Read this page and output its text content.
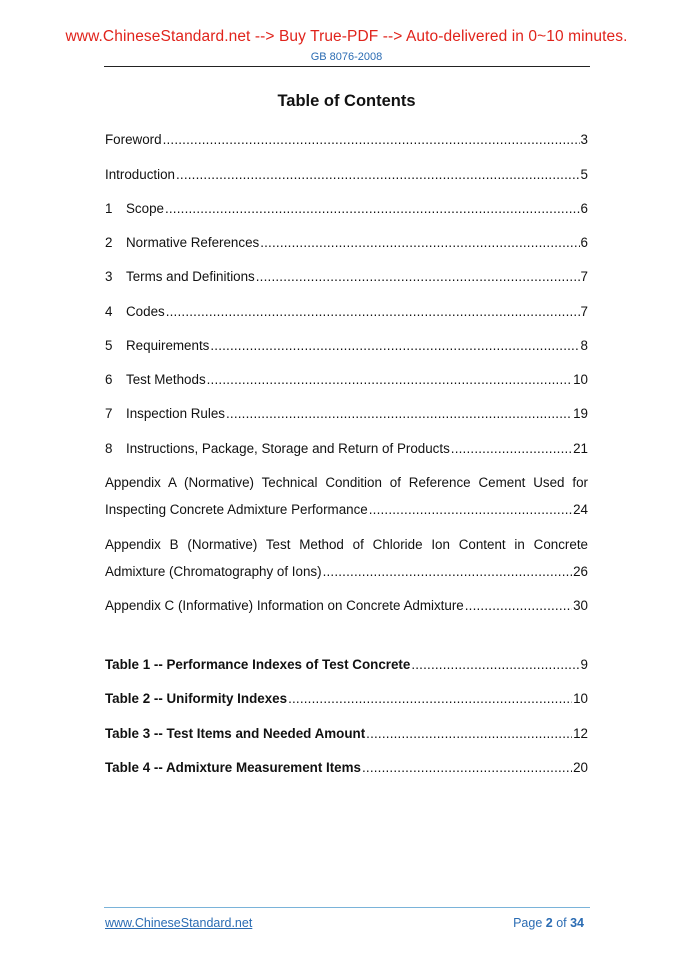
www.ChineseStandard.net --> Buy True-PDF --> Auto-delivered in 0~10 minutes.
GB 8076-2008
Table of Contents
Foreword .....	3
Introduction .....	5
1	Scope .....	6
2	Normative References .....	6
3	Terms and Definitions .....	7
4	Codes .....	7
5	Requirements .....	8
6	Test Methods .....	10
7	Inspection Rules .....	19
8	Instructions, Package, Storage and Return of Products .....	21
Appendix A (Normative) Technical Condition of Reference Cement Used for
Inspecting Concrete Admixture Performance .....	24
Appendix B (Normative) Test Method of Chloride Ion Content in Concrete
Admixture (Chromatography of Ions) .....	26
Appendix C (Informative) Information on Concrete Admixture .....	30
Table 1 -- Performance Indexes of Test Concrete .....	9
Table 2 -- Uniformity Indexes .....	10
Table 3 -- Test Items and Needed Amount .....	12
Table 4 -- Admixture Measurement Items .....	20
www.ChineseStandard.net	Page 2 of 34
